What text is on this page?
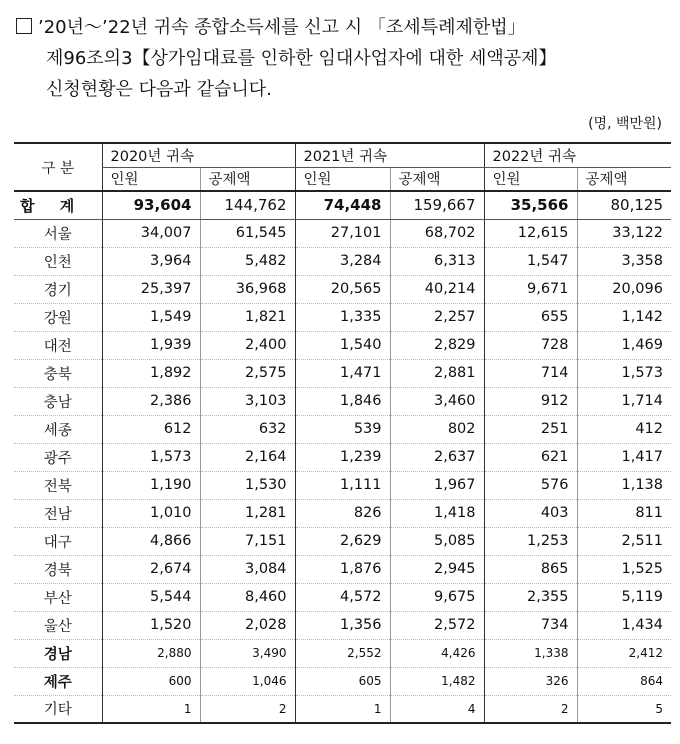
’20년～’22년 귀속 종합소득세를 신고 시 「조세특례제한법」
제96조의3【상가임대료를 인하한 임대사업자에 대한 세액공제】
신청현황은 다음과 같습니다.
(명, 백만원)
구 분	2020년 귀속		2021년 귀속		2022년 귀속	
	인원	공제액	인원	공제액	인원	공제액
합 계	93,604	144,762	74,448	159,667	35,566	80,125
서울	34,007	61,545	27,101	68,702	12,615	33,122
인천	3,964	5,482	3,284	6,313	1,547	3,358
경기	25,397	36,968	20,565	40,214	9,671	20,096
강원	1,549	1,821	1,335	2,257	655	1,142
대전	1,939	2,400	1,540	2,829	728	1,469
충북	1,892	2,575	1,471	2,881	714	1,573
충남	2,386	3,103	1,846	3,460	912	1,714
세종	612	632	539	802	251	412
광주	1,573	2,164	1,239	2,637	621	1,417
전북	1,190	1,530	1,111	1,967	576	1,138
전남	1,010	1,281	826	1,418	403	811
대구	4,866	7,151	2,629	5,085	1,253	2,511
경북	2,674	3,084	1,876	2,945	865	1,525
부산	5,544	8,460	4,572	9,675	2,355	5,119
울산	1,520	2,028	1,356	2,572	734	1,434
경남	2,880	3,490	2,552	4,426	1,338	2,412
제주	600	1,046	605	1,482	326	864
기타	1	2	1	4	2	5
